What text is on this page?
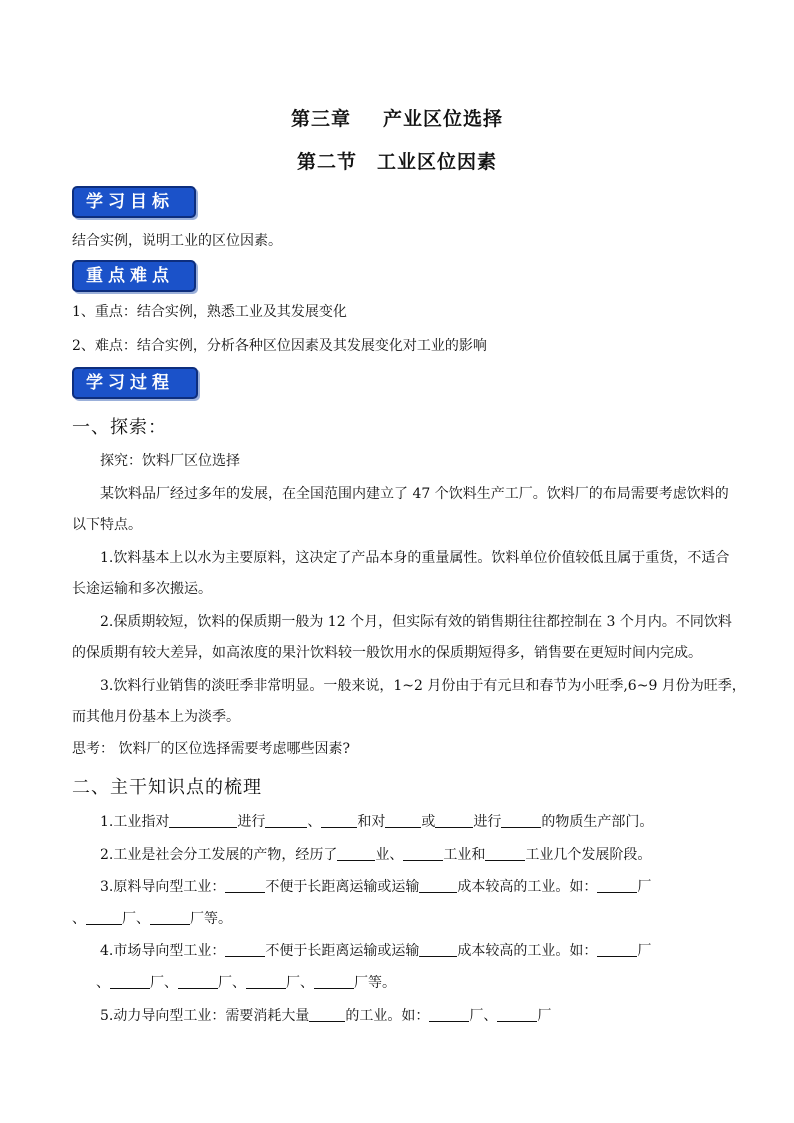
第三章 产业区位选择
第二节 工业区位因素
学习目标
结合实例，说明工业的区位因素。
重点难点
1、重点：结合实例，熟悉工业及其发展变化
2、难点：结合实例，分析各种区位因素及其发展变化对工业的影响
学习过程
一、探索：
探究：饮料厂区位选择
某饮料品厂经过多年的发展，在全国范围内建立了 47 个饮料生产工厂。饮料厂的布局需要考虑饮料的
以下特点。
1.饮料基本上以水为主要原料，这决定了产品本身的重量属性。饮料单位价值较低且属于重货，不适合
长途运输和多次搬运。
2.保质期较短，饮料的保质期一般为 12 个月，但实际有效的销售期往往都控制在 3 个月内。不同饮料
的保质期有较大差异，如高浓度的果汁饮料较一般饮用水的保质期短得多，销售要在更短时间内完成。
3.饮料行业销售的淡旺季非常明显。一般来说，1~2 月份由于有元旦和春节为小旺季,6~9 月份为旺季，
而其他月份基本上为淡季。
思考： 饮料厂的区位选择需要考虑哪些因素?
二、主干知识点的梳理
1.工业指对	进行	、	和对	或	进行	的物质生产部门。
2.工业是社会分工发展的产物，经历了	业、	工业和	工业几个发展阶段。
3.原料导向型工业：	不便于长距离运输或运输	成本较高的工业。如：	厂
、	厂、	厂等。
4.市场导向型工业：	不便于长距离运输或运输	成本较高的工业。如：	厂
、	厂、	厂、	厂、	厂等。
5.动力导向型工业：需要消耗大量	的工业。如：	厂、	厂
